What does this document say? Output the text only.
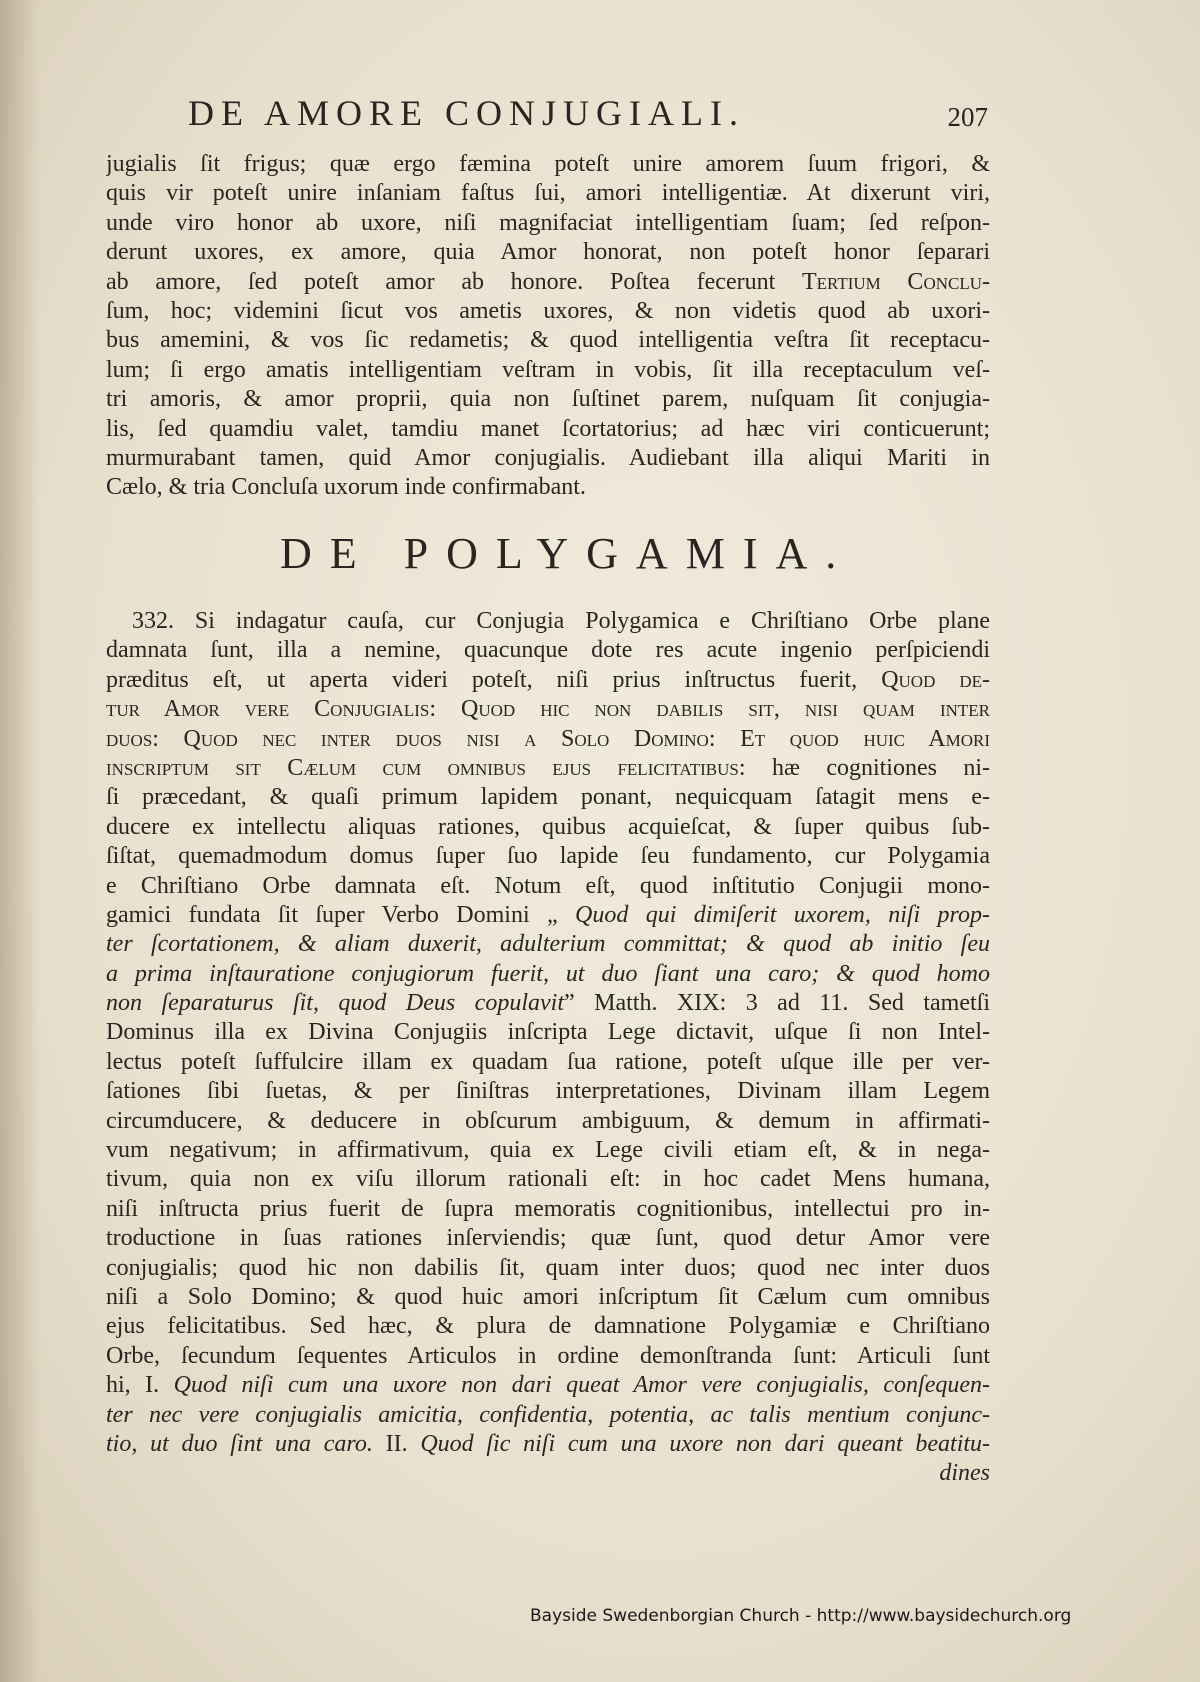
DE AMORE CONJUGIALI.	207
jugialis ſit frigus; quæ ergo fæmina poteſt unire amorem ſuum frigori, &
quis vir poteſt unire inſaniam faſtus ſui, amori intelligentiæ. At dixerunt viri,
unde viro honor ab uxore, niſi magnifaciat intelligentiam ſuam; ſed reſpon-
derunt uxores, ex amore, quia Amor honorat, non poteſt honor ſeparari
ab amore, ſed poteſt amor ab honore. Poſtea fecerunt Tertium Conclu-
ſum, hoc; videmini ſicut vos ametis uxores, & non videtis quod ab uxori-
bus amemini, & vos ſic redametis; & quod intelligentia veſtra ſit receptacu-
lum; ſi ergo amatis intelligentiam veſtram in vobis, ſit illa receptaculum veſ-
tri amoris, & amor proprii, quia non ſuſtinet parem, nuſquam ſit conjugia-
lis, ſed quamdiu valet, tamdiu manet ſcortatorius; ad hæc viri conticuerunt;
murmurabant tamen, quid Amor conjugialis. Audiebant illa aliqui Mariti in
Cælo, & tria Concluſa uxorum inde confirmabant.
DE POLYGAMIA.
332. Si indagatur cauſa, cur Conjugia Polygamica e Chriſtiano Orbe plane
damnata ſunt, illa a nemine, quacunque dote res acute ingenio perſpiciendi
præditus eſt, ut aperta videri poteſt, niſi prius inſtructus fuerit, Quod de-
tur Amor vere Conjugialis: Quod hic non dabilis sit, nisi quam inter
duos: Quod nec inter duos nisi a Solo Domino: Et quod huic Amori
inscriptum sit Cælum cum omnibus ejus felicitatibus: hæ cognitiones ni-
ſi præcedant, & quaſi primum lapidem ponant, nequicquam ſatagit mens e-
ducere ex intellectu aliquas rationes, quibus acquieſcat, & ſuper quibus ſub-
ſiſtat, quemadmodum domus ſuper ſuo lapide ſeu fundamento, cur Polygamia
e Chriſtiano Orbe damnata eſt. Notum eſt, quod inſtitutio Conjugii mono-
gamici fundata ſit ſuper Verbo Domini „ Quod qui dimiſerit uxorem, niſi prop-
ter ſcortationem, & aliam duxerit, adulterium committat; & quod ab initio ſeu
a prima inſtauratione conjugiorum fuerit, ut duo ſiant una caro; & quod homo
non ſeparaturus ſit, quod Deus copulavit” Matth. XIX: 3 ad 11. Sed tametſi
Dominus illa ex Divina Conjugiis inſcripta Lege dictavit, uſque ſi non Intel-
lectus poteſt ſuffulcire illam ex quadam ſua ratione, poteſt uſque ille per ver-
ſationes ſibi ſuetas, & per ſiniſtras interpretationes, Divinam illam Legem
circumducere, & deducere in obſcurum ambiguum, & demum in affirmati-
vum negativum; in affirmativum, quia ex Lege civili etiam eſt, & in nega-
tivum, quia non ex viſu illorum rationali eſt: in hoc cadet Mens humana,
niſi inſtructa prius fuerit de ſupra memoratis cognitionibus, intellectui pro in-
troductione in ſuas rationes inſerviendis; quæ ſunt, quod detur Amor vere
conjugialis; quod hic non dabilis ſit, quam inter duos; quod nec inter duos
niſi a Solo Domino; & quod huic amori inſcriptum ſit Cælum cum omnibus
ejus felicitatibus. Sed hæc, & plura de damnatione Polygamiæ e Chriſtiano
Orbe, ſecundum ſequentes Articulos in ordine demonſtranda ſunt: Articuli ſunt
hi, I. Quod niſi cum una uxore non dari queat Amor vere conjugialis, conſequen-
ter nec vere conjugialis amicitia, confidentia, potentia, ac talis mentium conjunc-
tio, ut duo ſint una caro. II. Quod ſic niſi cum una uxore non dari queant beatitu-
dines
Bayside Swedenborgian Church - http://www.baysidechurch.org
